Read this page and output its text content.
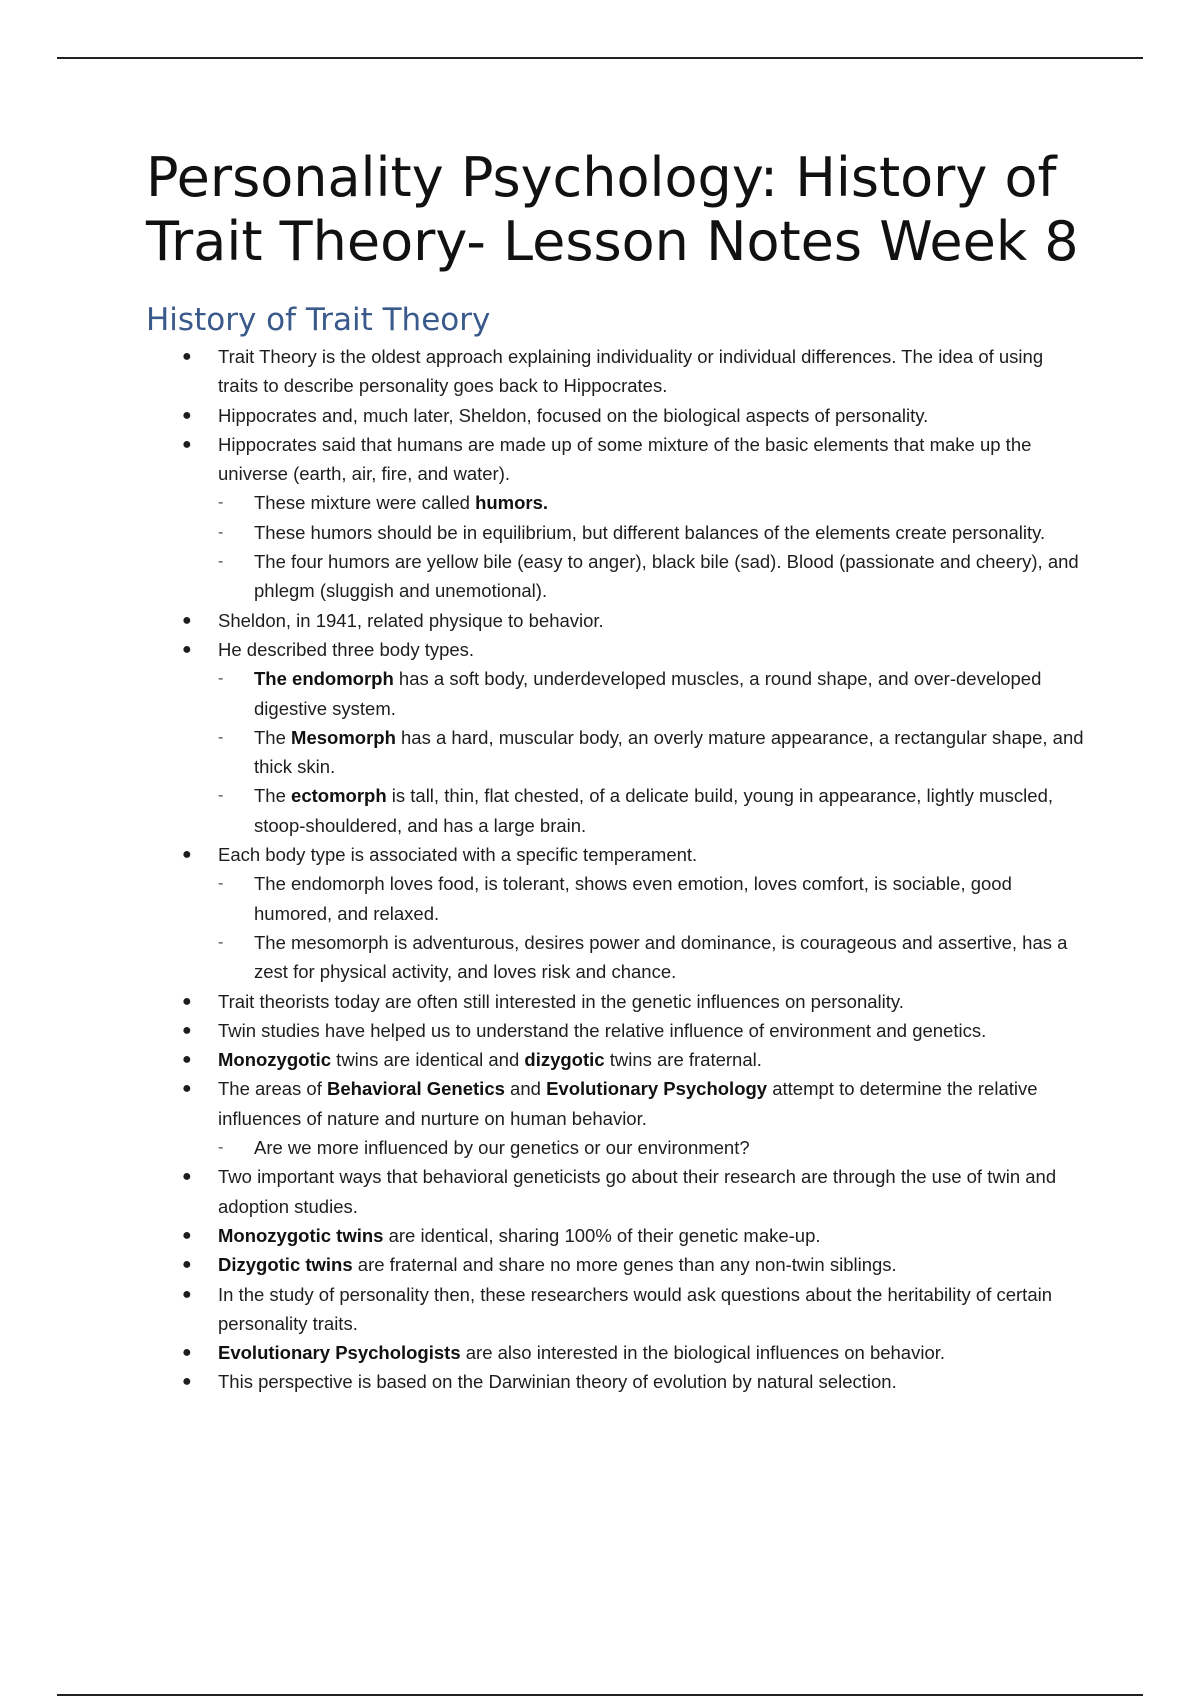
Personality Psychology: History of Trait Theory- Lesson Notes Week 8
History of Trait Theory
●	Trait Theory is the oldest approach explaining individuality or individual differences. The idea of using traits to describe personality goes back to Hippocrates.
●	Hippocrates and, much later, Sheldon, focused on the biological aspects of personality.
●	Hippocrates said that humans are made up of some mixture of the basic elements that make up the universe (earth, air, fire, and water).
-	These mixture were called humors.
-	These humors should be in equilibrium, but different balances of the elements create personality.
-	The four humors are yellow bile (easy to anger), black bile (sad). Blood (passionate and cheery), and phlegm (sluggish and unemotional).
●	Sheldon, in 1941, related physique to behavior.
●	He described three body types.
-	The endomorph has a soft body, underdeveloped muscles, a round shape, and over-developed digestive system.
-	The Mesomorph has a hard, muscular body, an overly mature appearance, a rectangular shape, and thick skin.
-	The ectomorph is tall, thin, flat chested, of a delicate build, young in appearance, lightly muscled, stoop-shouldered, and has a large brain.
●	Each body type is associated with a specific temperament.
-	The endomorph loves food, is tolerant, shows even emotion, loves comfort, is sociable, good humored, and relaxed.
-	The mesomorph is adventurous, desires power and dominance, is courageous and assertive, has a zest for physical activity, and loves risk and chance.
●	Trait theorists today are often still interested in the genetic influences on personality.
●	Twin studies have helped us to understand the relative influence of environment and genetics.
●	Monozygotic twins are identical and dizygotic twins are fraternal.
●	The areas of Behavioral Genetics and Evolutionary Psychology attempt to determine the relative influences of nature and nurture on human behavior.
-	Are we more influenced by our genetics or our environment?
●	Two important ways that behavioral geneticists go about their research are through the use of twin and adoption studies.
●	Monozygotic twins are identical, sharing 100% of their genetic make-up.
●	Dizygotic twins are fraternal and share no more genes than any non-twin siblings.
●	In the study of personality then, these researchers would ask questions about the heritability of certain personality traits.
●	Evolutionary Psychologists are also interested in the biological influences on behavior.
●	This perspective is based on the Darwinian theory of evolution by natural selection.
